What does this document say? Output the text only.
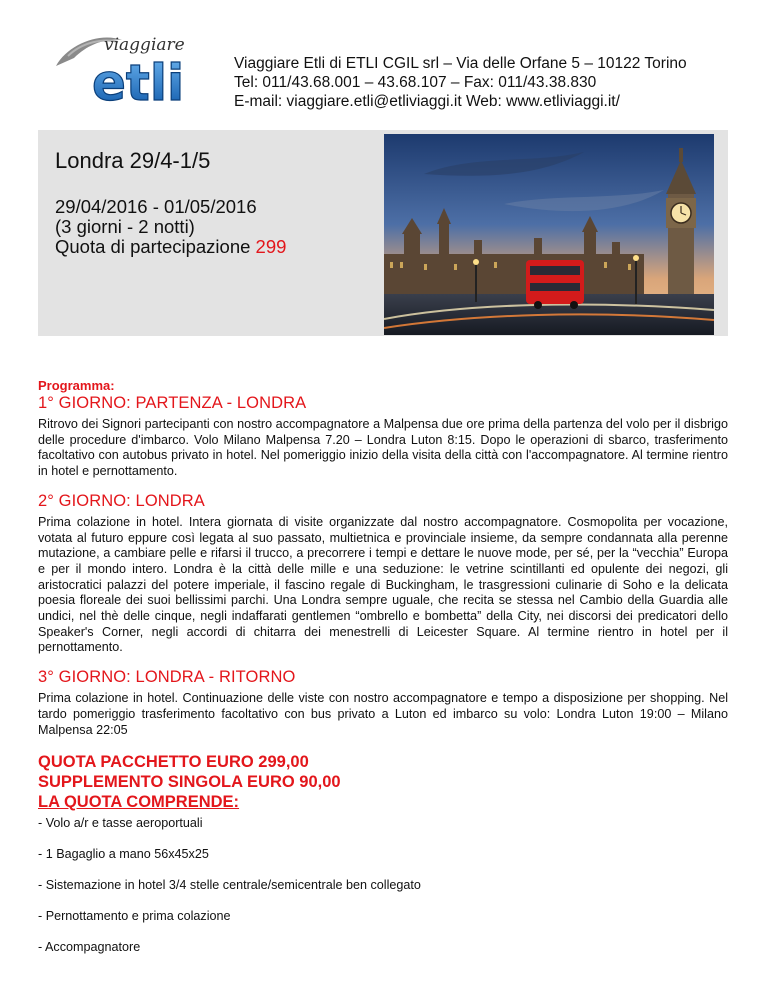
viaggiare
etli	Viaggiare Etli di ETLI CGIL srl – Via delle Orfane 5 – 10122 Torino
Tel: 011/43.68.001 – 43.68.107 – Fax: 011/43.38.830
E-mail: viaggiare.etli@etliviaggi.it Web: www.etliviaggi.it/
Londra 29/4-1/5
29/04/2016 - 01/05/2016
(3 giorni - 2 notti)
Quota di partecipazione 299

Programma:

1° GIORNO: PARTENZA - LONDRA

Ritrovo dei Signori partecipanti con nostro accompagnatore a Malpensa due ore prima della partenza del volo per il disbrigo delle procedure d'imbarco. Volo Milano Malpensa 7.20 – Londra Luton 8:15. Dopo le operazioni di sbarco, trasferimento facoltativo con autobus privato in hotel. Nel pomeriggio inizio della visita della città con l'accompagnatore. Al termine rientro in hotel e pernottamento.

2° GIORNO: LONDRA

Prima colazione in hotel. Intera giornata di visite organizzate dal nostro accompagnatore. Cosmopolita per vocazione, votata al futuro eppure così legata al suo passato, multietnica e provinciale insieme, da sempre condannata alla perenne mutazione, a cambiare pelle e rifarsi il trucco, a precorrere i tempi e dettare le nuove mode, per sé, per la “vecchia” Europa e per il mondo intero. Londra è la città delle mille e una seduzione: le vetrine scintillanti ed opulente dei negozi, gli aristocratici palazzi del potere imperiale, il fascino regale di Buckingham, le trasgressioni culinarie di Soho e la delicata poesia floreale dei suoi bellissimi parchi. Una Londra sempre uguale, che recita se stessa nel Cambio della Guardia alle undici, nel thè delle cinque, negli indaffarati gentlemen “ombrello e bombetta” della City, nei discorsi dei predicatori dello Speaker's Corner, negli accordi di chitarra dei menestrelli di Leicester Square. Al termine rientro in hotel per il pernottamento.

3° GIORNO: LONDRA - RITORNO

Prima colazione in hotel. Continuazione delle viste con nostro accompagnatore e tempo a disposizione per shopping. Nel tardo pomeriggio trasferimento facoltativo con bus privato a Luton ed imbarco su volo: Londra Luton 19:00 – Milano Malpensa 22:05

QUOTA PACCHETTO EURO 299,00
SUPPLEMENTO SINGOLA EURO 90,00
LA QUOTA COMPRENDE:
- Volo a/r e tasse aeroportuali
- 1 Bagaglio a mano 56x45x25
- Sistemazione in hotel 3/4 stelle centrale/semicentrale ben collegato
- Pernottamento e prima colazione
- Accompagnatore
